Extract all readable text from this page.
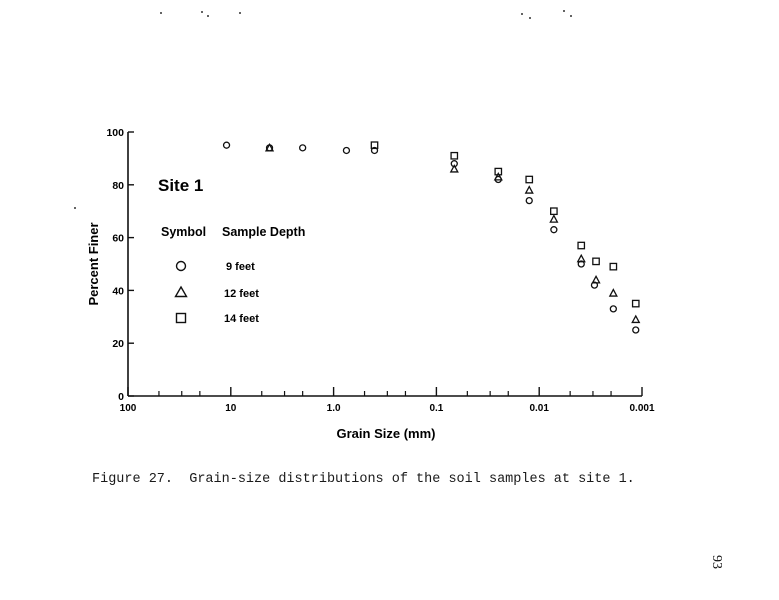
0
20
40
60
80
100
100	10	1.0	0.1	0.01	0.001
Site 1
Percent Finer
Grain Size (mm)
Symbol Sample Depth
9 feet
12 feet
14 feet
Figure 27.  Grain-size distributions of the soil samples at site 1.
93
